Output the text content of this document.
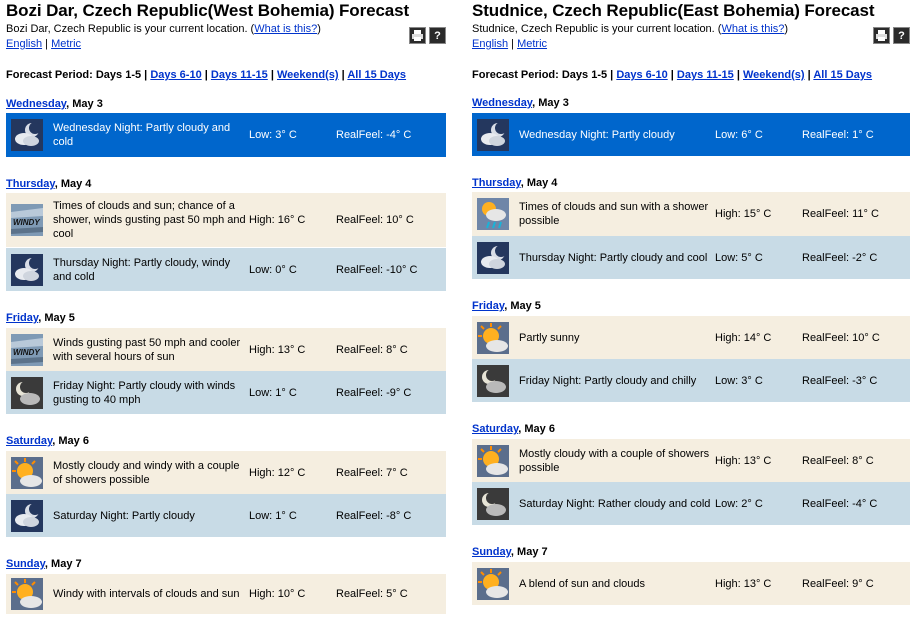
Bozi Dar, Czech Republic(West Bohemia) Forecast
Bozi Dar, Czech Republic is your current location. (What is this?)
English | Metric
?
Forecast Period: Days 1-5 | Days 6-10 | Days 11-15 | Weekend(s) | All 15 Days
Wednesday, May 3
Wednesday Night: Partly cloudy and cold
Low: 3° C	RealFeel: -4° C
Thursday, May 4
WINDY
Times of clouds and sun; chance of a shower, winds gusting past 50 mph and cool
High: 16° C	RealFeel: 10° C
Thursday Night: Partly cloudy, windy and cold
Low: 0° C	RealFeel: -10° C
Friday, May 5
WINDY
Winds gusting past 50 mph and cooler with several hours of sun
High: 13° C	RealFeel: 8° C
Friday Night: Partly cloudy with winds gusting to 40 mph
Low: 1° C	RealFeel: -9° C
Saturday, May 6
Mostly cloudy and windy with a couple of showers possible
High: 12° C	RealFeel: 7° C
Saturday Night: Partly cloudy	Low: 1° C	RealFeel: -8° C
Sunday, May 7
Windy with intervals of clouds and sun High: 10° C	RealFeel: 5° C
Studnice, Czech Republic(East Bohemia) Forecast
Studnice, Czech Republic is your current location. (What is this?)
English | Metric
?
Forecast Period: Days 1-5 | Days 6-10 | Days 11-15 | Weekend(s) | All 15 Days
Wednesday, May 3
Wednesday Night: Partly cloudy	Low: 6° C	RealFeel: 1° C
Thursday, May 4
Times of clouds and sun with a shower possible
High: 15° C	RealFeel: 11° C
Thursday Night: Partly cloudy and cool Low: 5° C	RealFeel: -2° C
Friday, May 5
Partly sunny	High: 14° C	RealFeel: 10° C
Friday Night: Partly cloudy and chilly	Low: 3° C	RealFeel: -3° C
Saturday, May 6
Mostly cloudy with a couple of showers possible
High: 13° C	RealFeel: 8° C
Saturday Night: Rather cloudy and cold Low: 2° C	RealFeel: -4° C
Sunday, May 7
A blend of sun and clouds	High: 13° C	RealFeel: 9° C
